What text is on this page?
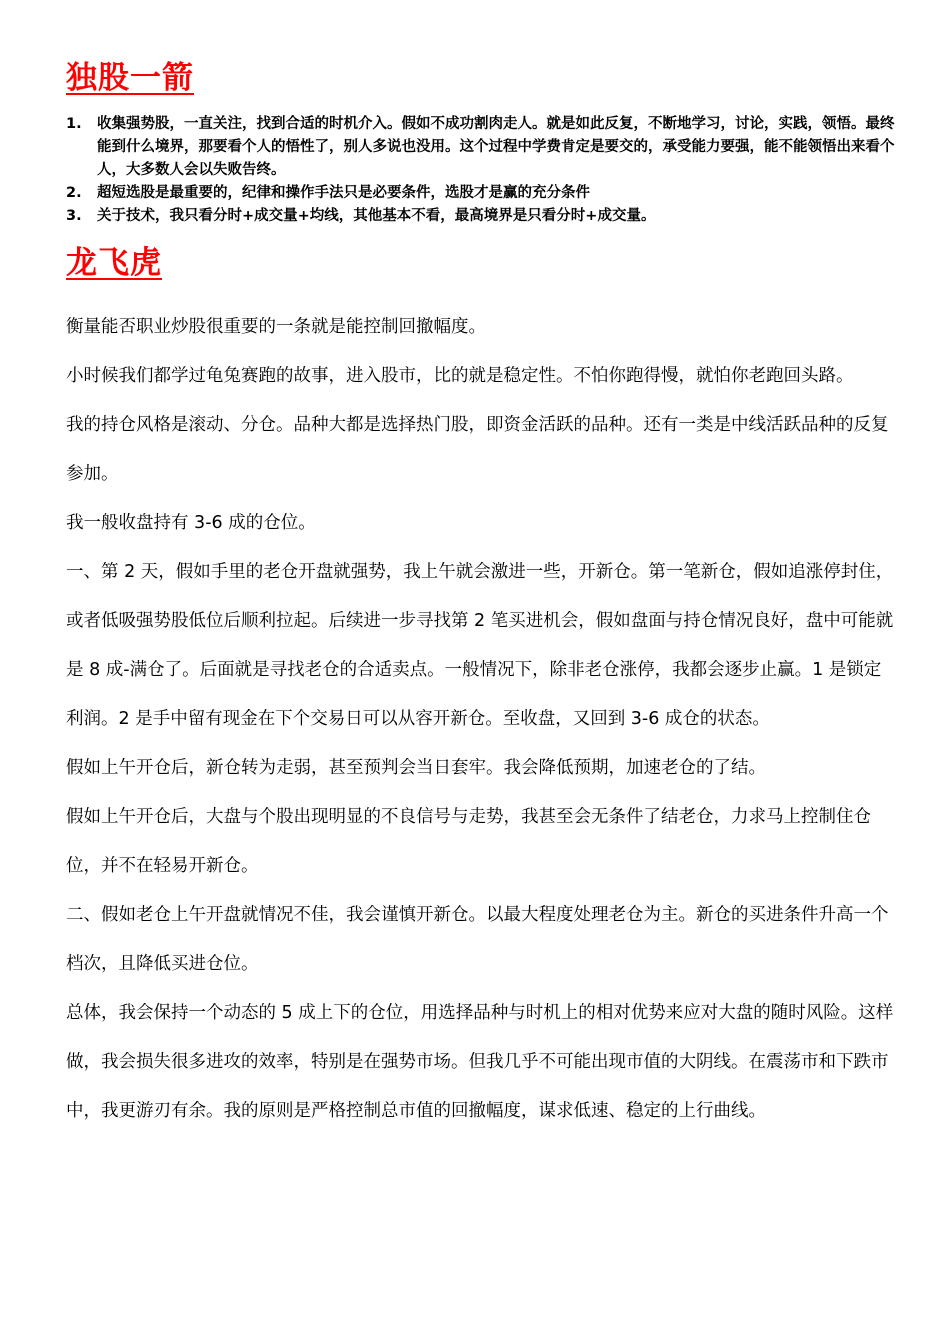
独股一箭
1. 收集强势股，一直关注，找到合适的时机介入。假如不成功割肉走人。就是如此反复，不断地学习，讨论，实践，领悟。最终能到什么境界，那要看个人的悟性了，别人多说也没用。这个过程中学费肯定是要交的，承受能力要强，能不能领悟出来看个人，大多数人会以失败告终。
2. 超短选股是最重要的，纪律和操作手法只是必要条件，选股才是赢的充分条件
3. 关于技术，我只看分时+成交量+均线，其他基本不看，最高境界是只看分时+成交量。
龙飞虎

衡量能否职业炒股很重要的一条就是能控制回撤幅度。

小时候我们都学过龟兔赛跑的故事，进入股市，比的就是稳定性。不怕你跑得慢，就怕你老跑回头路。

我的持仓风格是滚动、分仓。品种大都是选择热门股，即资金活跃的品种。还有一类是中线活跃品种的反复参加。

我一般收盘持有 3-6 成的仓位。

一、第 2 天，假如手里的老仓开盘就强势，我上午就会激进一些，开新仓。第一笔新仓，假如追涨停封住，或者低吸强势股低位后顺利拉起。后续进一步寻找第 2 笔买进机会，假如盘面与持仓情况良好，盘中可能就是 8 成-满仓了。后面就是寻找老仓的合适卖点。一般情况下，除非老仓涨停，我都会逐步止赢。1 是锁定利润。2 是手中留有现金在下个交易日可以从容开新仓。至收盘，又回到 3-6 成仓的状态。

假如上午开仓后，新仓转为走弱，甚至预判会当日套牢。我会降低预期，加速老仓的了结。

假如上午开仓后，大盘与个股出现明显的不良信号与走势，我甚至会无条件了结老仓，力求马上控制住仓位，并不在轻易开新仓。

二、假如老仓上午开盘就情况不佳，我会谨慎开新仓。以最大程度处理老仓为主。新仓的买进条件升高一个档次，且降低买进仓位。

总体，我会保持一个动态的 5 成上下的仓位，用选择品种与时机上的相对优势来应对大盘的随时风险。这样做，我会损失很多进攻的效率，特别是在强势市场。但我几乎不可能出现市值的大阴线。在震荡市和下跌市中，我更游刃有余。我的原则是严格控制总市值的回撤幅度，谋求低速、稳定的上行曲线。
